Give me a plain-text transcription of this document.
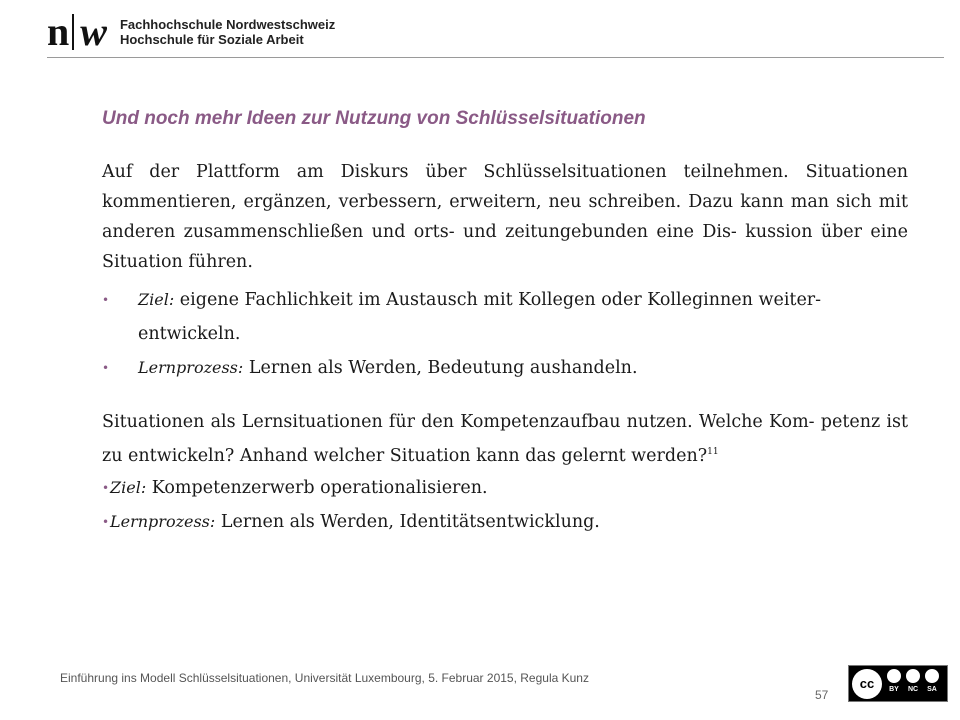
n w Fachhochschule Nordwestschweiz
Hochschule für Soziale Arbeit
Und noch mehr Ideen zur Nutzung von Schlüsselsituationen

Auf der Plattform am Diskurs über Schlüsselsituationen teilnehmen. Situationen kommentieren, ergänzen, verbessern, erweitern, neu schreiben. Dazu kann man sich mit anderen zusammenschließen und orts- und zeitungebunden eine Dis- kussion über eine Situation führen.

•	Ziel: eigene Fachlichkeit im Austausch mit Kollegen oder Kolleginnen weiter- entwickeln.
•	Lernprozess: Lernen als Werden, Bedeutung aushandeln.

Situationen als Lernsituationen für den Kompetenzaufbau nutzen. Welche Kom- petenz ist zu entwickeln? Anhand welcher Situation kann das gelernt werden?$^{11}$

• Ziel: Kompetenzerwerb operationalisieren.
• Lernprozess: Lernen als Werden, Identitätsentwicklung.
Einführung ins Modell Schlüsselsituationen, Universität Luxembourg, 5. Februar 2015, Regula Kunz
57
cc	BY NC SA
